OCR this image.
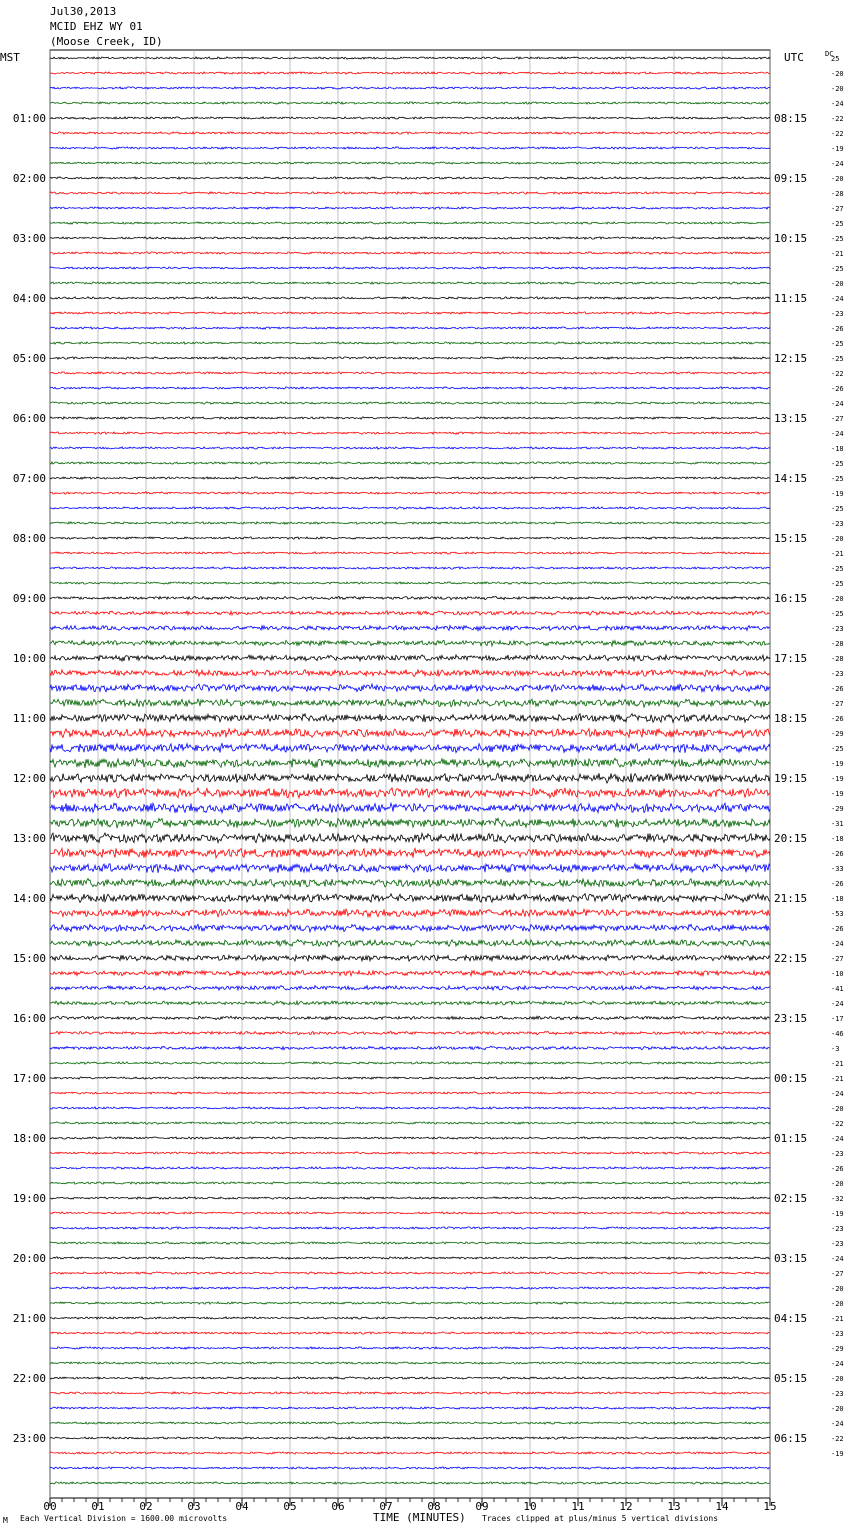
Jul30,2013
MCID EHZ WY 01
(Moose Creek, ID)
00	01	02	03	04	05	06	07	08	09	10	11	12	13	14	15
25
-20
-20
-24
-22
-22
-19
-24
-20
-28
-27
-25
-25
-21
-25
-20
-24
-23
-26
-25
-25
-22
-26
-24
-27
-24
-18
-25
-25
-19
-25
-23
-20
-21
-25
-25
-20
-25
-23
-28
-28
-23
-26
-27
-26
-29
-25
-19
-19
-19
-29
-31
-18
-26
-33
-26
-18
-53
-26
-24
-27
-10
-41
-24
-17
-46
-3
-21
-21
-24
-20
-22
-24
-23
-26
-20
-32
-19
-23
-23
-24
-27
-20
-20
-21
-23
-29
-24
-20
-23
-20
-24
-22
-19
01:00
02:00
03:00
04:00
05:00
06:00
07:00
08:00
09:00
10:00
11:00
12:00
13:00
14:00
15:00
16:00
17:00
18:00
19:00
20:00
21:00
22:00
23:00
08:15
09:15
10:15
11:15
12:15
13:15
14:15
15:15
16:15
17:15
18:15
19:15
20:15
21:15
22:15
23:15
00:15
01:15
02:15
03:15
04:15
05:15
06:15
MST	UTC	DC
TIME (MINUTES)
M Each Vertical Division = 1600.00 microvolts	Traces clipped at plus/minus 5 vertical divisions
